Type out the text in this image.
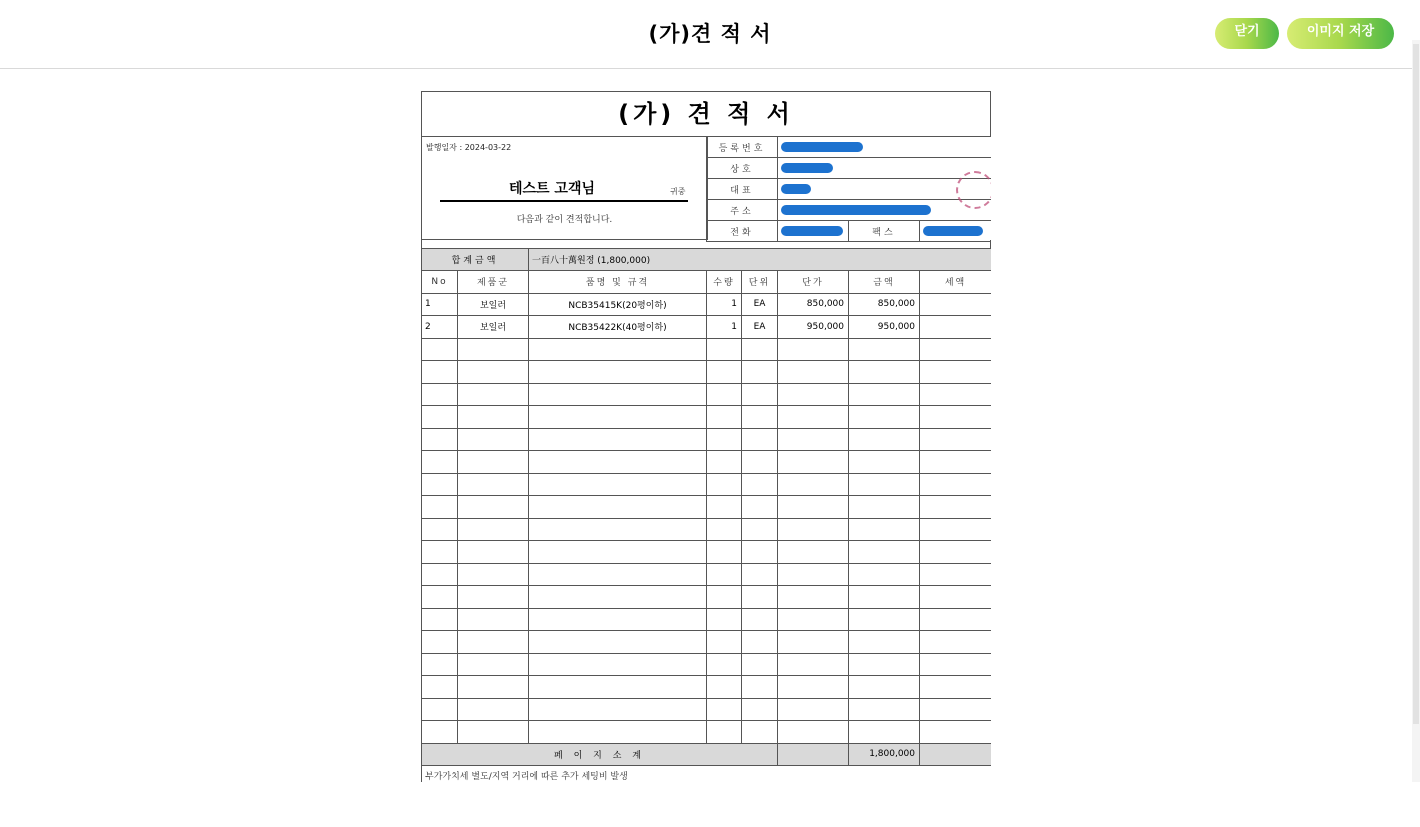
(가)견 적 서	닫기	이미지 저장
(가) 견 적 서
발행일자 : 2024-03-22
테스트 고객님	귀중
다음과 같이 견적합니다.
등록번호			
상호			
대표			
주소			
전화		팩스	
합계금액		一百八十萬원정 (1,800,000)					
No	제품군	품명 및 규격	수량	단위	단가	금액	세액
1	보일러	NCB35415K(20평이하)	1	EA	850,000	850,000	
2	보일러	NCB35422K(40평이하)	1	EA	950,000	950,000	

페 이 지 소 계						1,800,000	
부가가치세 별도/지역 거리에 따른 추가 세팅비 발생							
